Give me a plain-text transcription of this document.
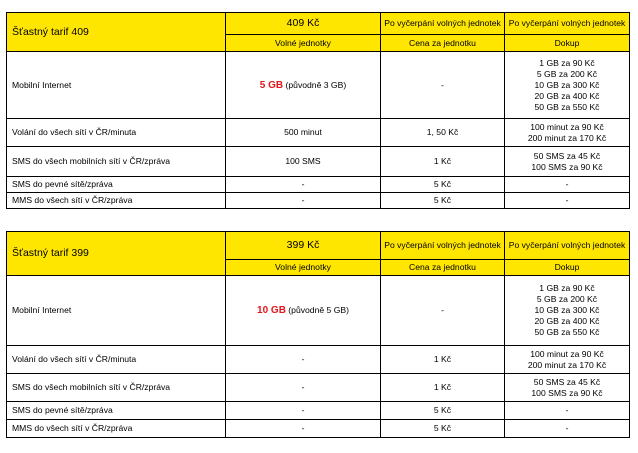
Šťastný tarif 409	409 Kč	Po vyčerpání volných jednotek	Po vyčerpání volných jednotek
	Volné jednotky	Cena za jednotku	Dokup
Mobilní Internet	5 GB (původně 3 GB)	-	1 GB za 90 Kč
5 GB za 200 Kč
10 GB za 300 Kč
20 GB za 400 Kč
50 GB za 550 Kč

Volání do všech sítí v ČR/minuta	500 minut	1, 50 Kč	100 minut za 90 Kč
200 minut za 170 Kč

SMS do všech mobilních sítí v ČR/zpráva	100 SMS	1 Kč	50 SMS za 45 Kč
100 SMS za 90 Kč

SMS do pevné sítě/zpráva	-	5 Kč	-
MMS do všech sítí v ČR/zpráva	-	5 Kč	-
Šťastný tarif 399	399 Kč	Po vyčerpání volných jednotek	Po vyčerpání volných jednotek
	Volné jednotky	Cena za jednotku	Dokup
Mobilní Internet	10 GB (původně 5 GB)	-	1 GB za 90 Kč
5 GB za 200 Kč
10 GB za 300 Kč
20 GB za 400 Kč
50 GB za 550 Kč

Volání do všech sítí v ČR/minuta	-	1 Kč	100 minut za 90 Kč
200 minut za 170 Kč

SMS do všech mobilních sítí v ČR/zpráva	-	1 Kč	50 SMS za 45 Kč
100 SMS za 90 Kč

SMS do pevné sítě/zpráva	-	5 Kč	-
MMS do všech sítí v ČR/zpráva	-	5 Kč	-
